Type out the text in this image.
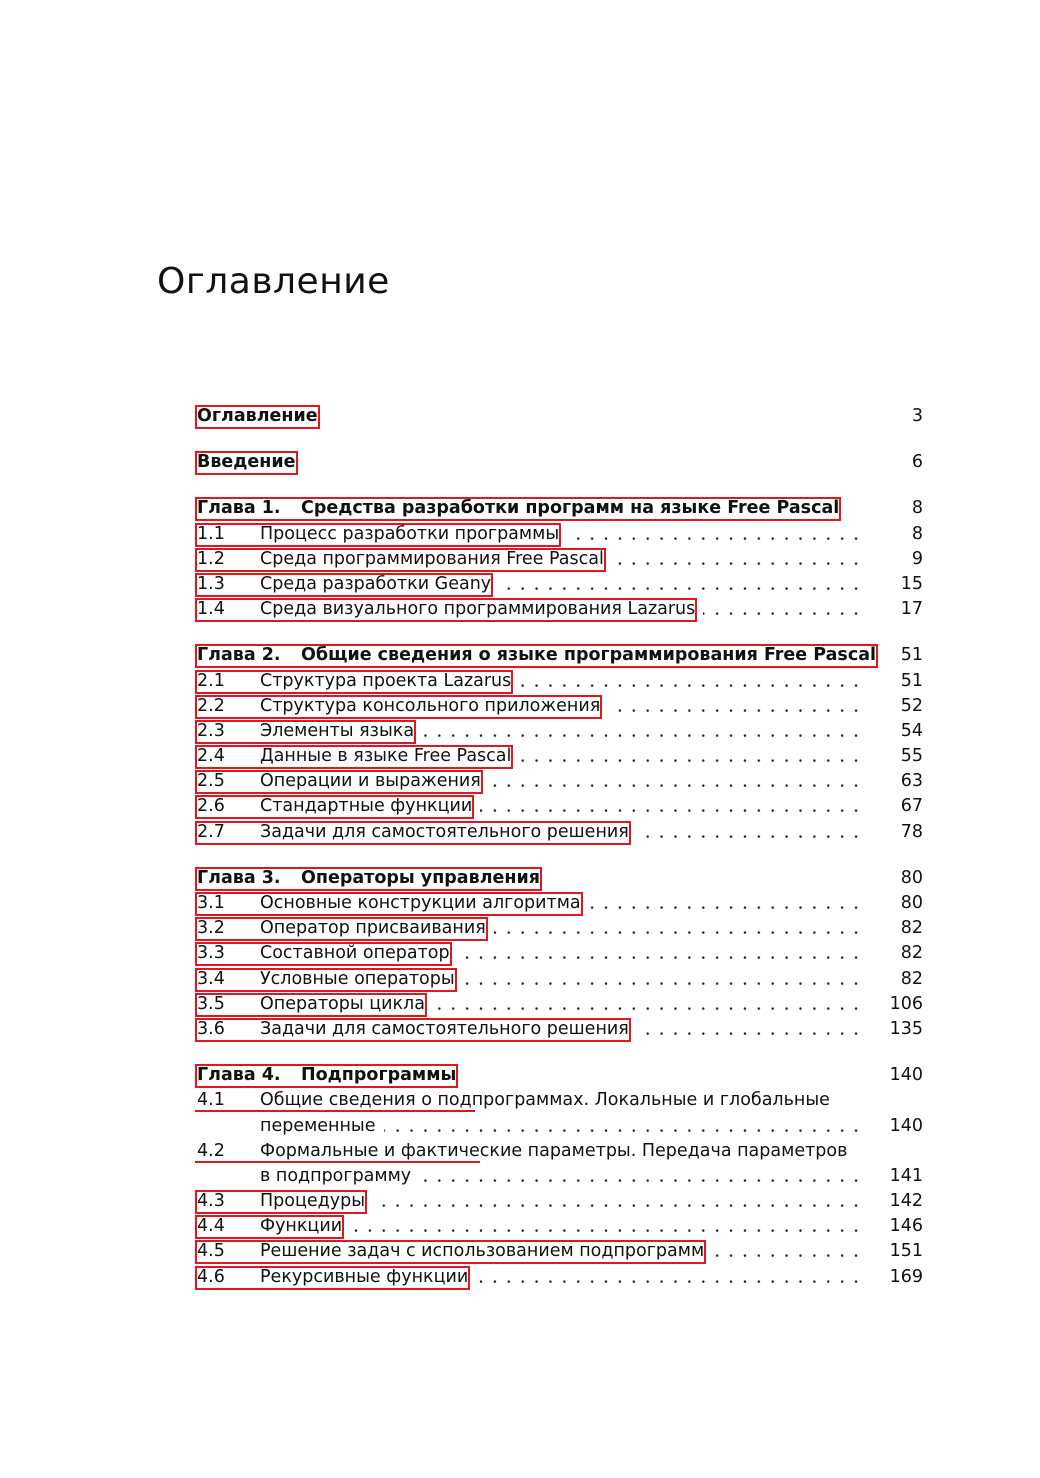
Оглавление
Оглавление	3
Введение	6
Глава 1. Средства разработки программ на языке Free Pascal	8
1.1 Процесс разработки программы	8
1.2 Среда программирования Free Pascal	9
1.3 Среда разработки Geany	15
1.4 Среда визуального программирования Lazarus	17
Глава 2. Общие сведения о языке программирования Free Pascal 51
2.1 Структура проекта Lazarus	51
2.2 Структура консольного приложения	52
2.3 Элементы языка	54
2.4 Данные в языке Free Pascal	55
2.5 Операции и выражения	63
2.6 Стандартные функции	67
2.7 Задачи для самостоятельного решения	78
Глава 3. Операторы управления	80
3.1 Основные конструкции алгоритма	80
3.2 Оператор присваивания	82
3.3 Составной оператор	82
3.4 Условные операторы	82
3.5 Операторы цикла	106
3.6 Задачи для самостоятельного решения	135
Глава 4. Подпрограммы	140
4.1 Общие сведения о подпрограммах. Локальные и глобальные
переменные	140
4.2 Формальные и фактические параметры. Передача параметров
в подпрограмму	141
4.3 Процедуры	142
4.4 Функции	146
4.5 Решение задач с использованием подпрограмм	151
4.6 Рекурсивные функции	169
